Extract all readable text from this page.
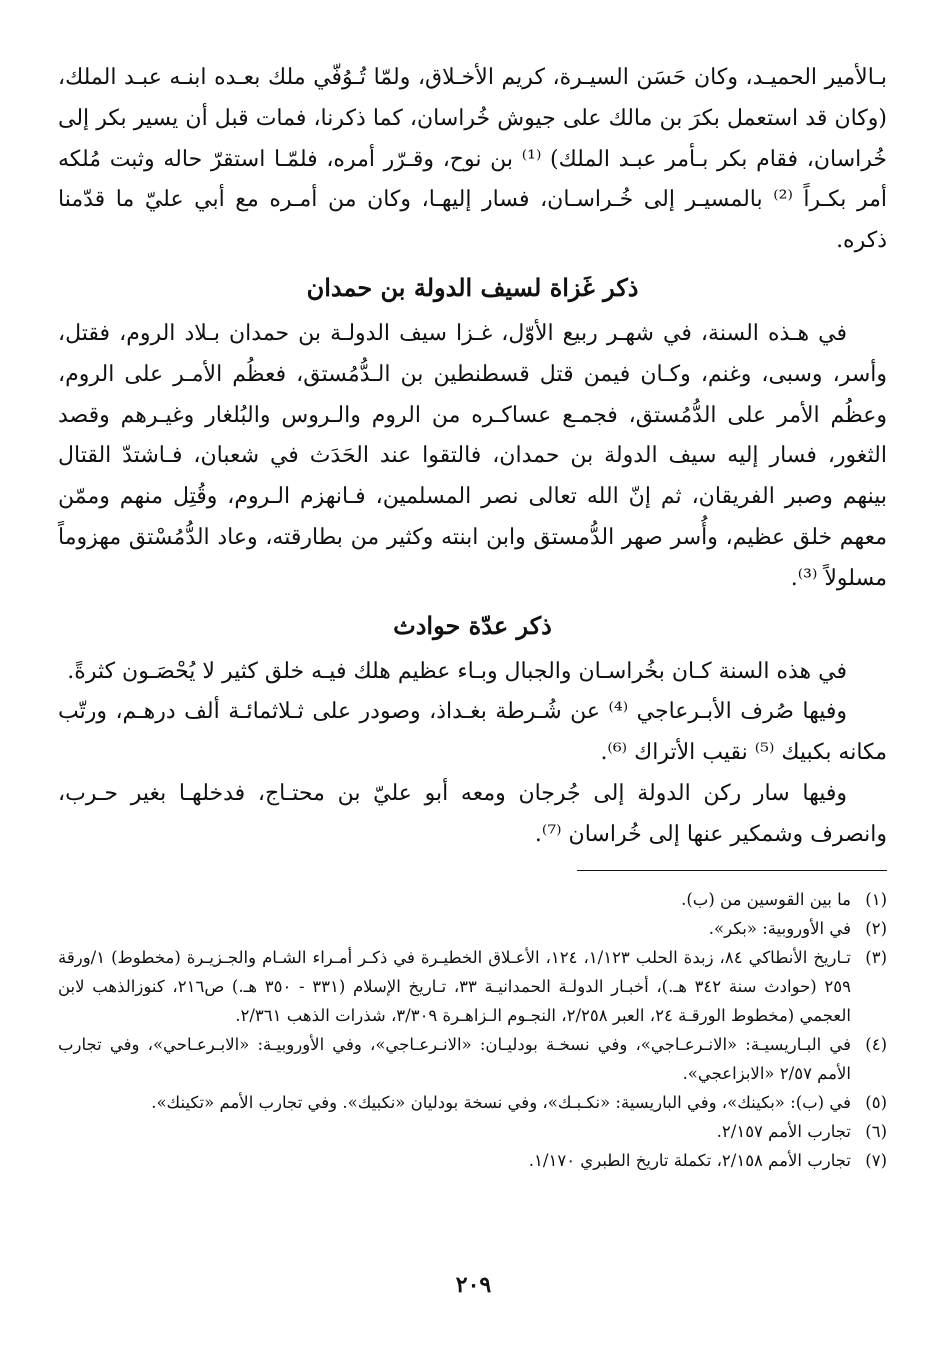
بـالأمير الحميـد، وكان حَسَن السيـرة، كريم الأخـلاق، ولمّا تُـوُفّي ملك بعـده ابنـه عبـد الملك، (وكان قد استعمل بكرَ بن مالك على جيوش خُراسان، كما ذكرنا، فمات قبل أن يسير بكر إلى خُراسان، فقام بكر بـأمر عبـد الملك) ⁽¹⁾ بن نوح، وقـرّر أمره، فلمّـا استقرّ حاله وثبت مُلكه أمر بكـراً ⁽²⁾ بالمسيـر إلى خُـراسـان، فسار إليهـا، وكان من أمـره مع أبي عليّ ما قدّمنا ذكره.

ذكر غَزاة لسيف الدولة بن حمدان

في هـذه السنة، في شهـر ربيع الأوّل، غـزا سيف الدولـة بن حمدان بـلاد الروم، فقتل، وأسر، وسبى، وغنم، وكـان فيمن قتل قسطنطين بن الـدُّمُستق، فعظُم الأمـر على الروم، وعظُم الأمر على الدُّمُستق، فجمـع عساكـره من الروم والـروس والبُلغار وغيـرهم وقصد الثغور، فسار إليه سيف الدولة بن حمدان، فالتقوا عند الحَدَث في شعبان، فـاشتدّ القتال بينهم وصبر الفريقان، ثم إنّ الله تعالى نصر المسلمين، فـانهزم الـروم، وقُتِل منهم وممّن معهم خلق عظيم، وأُسر صهر الدُّمستق وابن ابنته وكثير من بطارقته، وعاد الدُّمُسْتق مهزوماً مسلولاً ⁽³⁾.

ذكر عدّة حوادث

في هذه السنة كـان بخُراسـان والجبال وبـاء عظيم هلك فيـه خلق كثير لا يُحْصَـون كثرةً.

وفيها صُرف الأبـرعاجي ⁽⁴⁾ عن شُـرطة بغـداذ، وصودر على ثـلاثمائـة ألف درهـم، ورتّب مكانه بكبيك ⁽⁵⁾ نقيب الأتراك ⁽⁶⁾.

وفيها سار ركن الدولة إلى جُرجان ومعه أبو عليّ بن محتـاج، فدخلهـا بغير حـرب، وانصرف وشمكير عنها إلى خُراسان ⁽⁷⁾.

(١)
ما بين القوسين من (ب).
(٢)
في الأوروبية: «بكر».
(٣)
تـاريخ الأنطاكي ٨٤، زبدة الحلب ١/١٢٣، ١٢٤، الأعـلاق الخطيـرة في ذكـر أمـراء الشـام والجـزيـرة (مخطوط) ١/ورقة ٢٥٩ (حوادث سنة ٣٤٢ هـ.)، أخبـار الدولـة الحمدانيـة ٣٣، تـاريخ الإسلام (٣٣١ - ٣٥٠ هـ.) ص٢١٦، كنوزالذهب لابن العجمي (مخطوط الورقـة ٢٤، العبر ٢/٢٥٨، النجـوم الـزاهـرة ٣/٣٠٩، شذرات الذهب ٢/٣٦١.
(٤)
في البـاريسيـة: «الانـرعـاجي»، وفي نسخـة بودليـان: «الانـرعـاجي»، وفي الأوروبيـة: «الابـرعـاحي»، وفي تجارب الأمم ٢/٥٧ «الابزاعجي».
(٥)
في (ب): «بكينك»، وفي الباريسية: «نكـبـك»، وفي نسخة بودليان «نكبيك». وفي تجارب الأمم «تكينك».
(٦)
تجارب الأمم ٢/١٥٧.
(٧)
تجارب الأمم ٢/١٥٨، تكملة تاريخ الطبري ١/١٧٠.
٢٠٩
